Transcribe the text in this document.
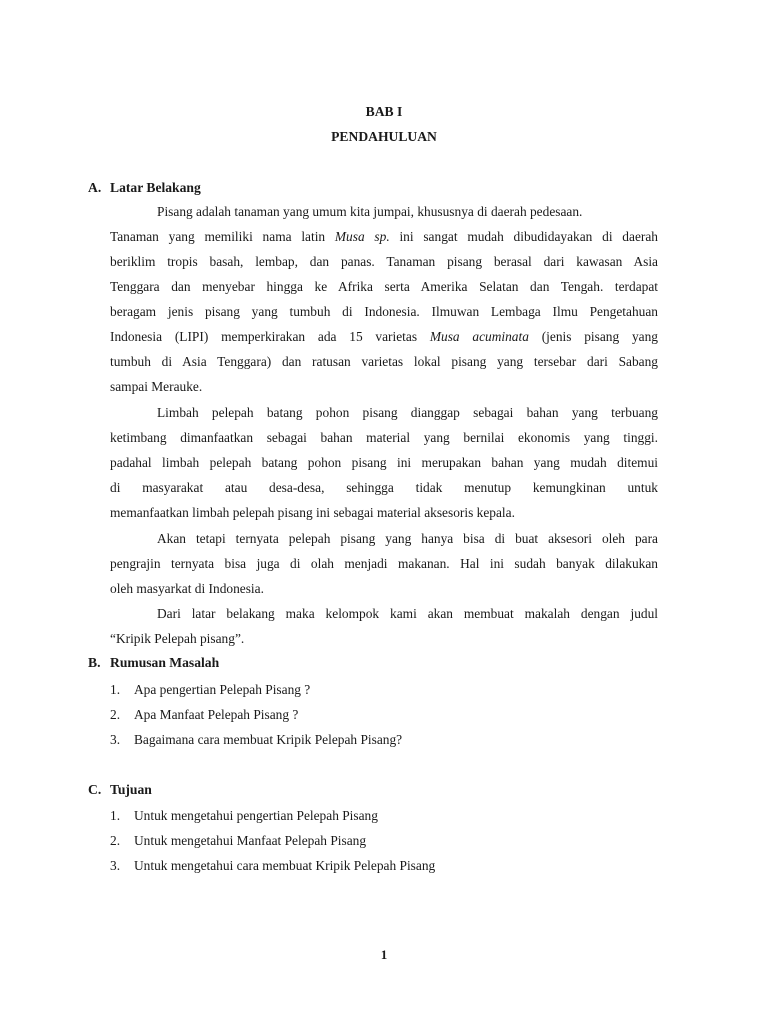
BAB I
PENDAHULUAN
A. Latar Belakang
Pisang adalah tanaman yang umum kita jumpai, khususnya di daerah pedesaan.
Tanaman yang memiliki nama latin Musa sp. ini sangat mudah dibudidayakan di daerah
beriklim tropis basah, lembap, dan panas. Tanaman pisang berasal dari kawasan Asia
Tenggara dan menyebar hingga ke Afrika serta Amerika Selatan dan Tengah. terdapat
beragam jenis pisang yang tumbuh di Indonesia. Ilmuwan Lembaga Ilmu Pengetahuan
Indonesia (LIPI) memperkirakan ada 15 varietas Musa acuminata (jenis pisang yang
tumbuh di Asia Tenggara) dan ratusan varietas lokal pisang yang tersebar dari Sabang
sampai Merauke.
Limbah pelepah batang pohon pisang dianggap sebagai bahan yang terbuang
ketimbang dimanfaatkan sebagai bahan material yang bernilai ekonomis yang tinggi.
padahal limbah pelepah batang pohon pisang ini merupakan bahan yang mudah ditemui
di masyarakat atau desa-desa, sehingga tidak menutup kemungkinan untuk
memanfaatkan limbah pelepah pisang ini sebagai material aksesoris kepala.
Akan tetapi ternyata pelepah pisang yang hanya bisa di buat aksesori oleh para
pengrajin ternyata bisa juga di olah menjadi makanan. Hal ini sudah banyak dilakukan
oleh masyarkat di Indonesia.
Dari latar belakang maka kelompok kami akan membuat makalah dengan judul
“Kripik Pelepah pisang”.
B. Rumusan Masalah
1. Apa pengertian Pelepah Pisang ?
2. Apa Manfaat Pelepah Pisang ?
3. Bagaimana cara membuat Kripik Pelepah Pisang?
C. Tujuan
1. Untuk mengetahui pengertian Pelepah Pisang
2. Untuk mengetahui Manfaat Pelepah Pisang
3. Untuk mengetahui cara membuat Kripik Pelepah Pisang
1
